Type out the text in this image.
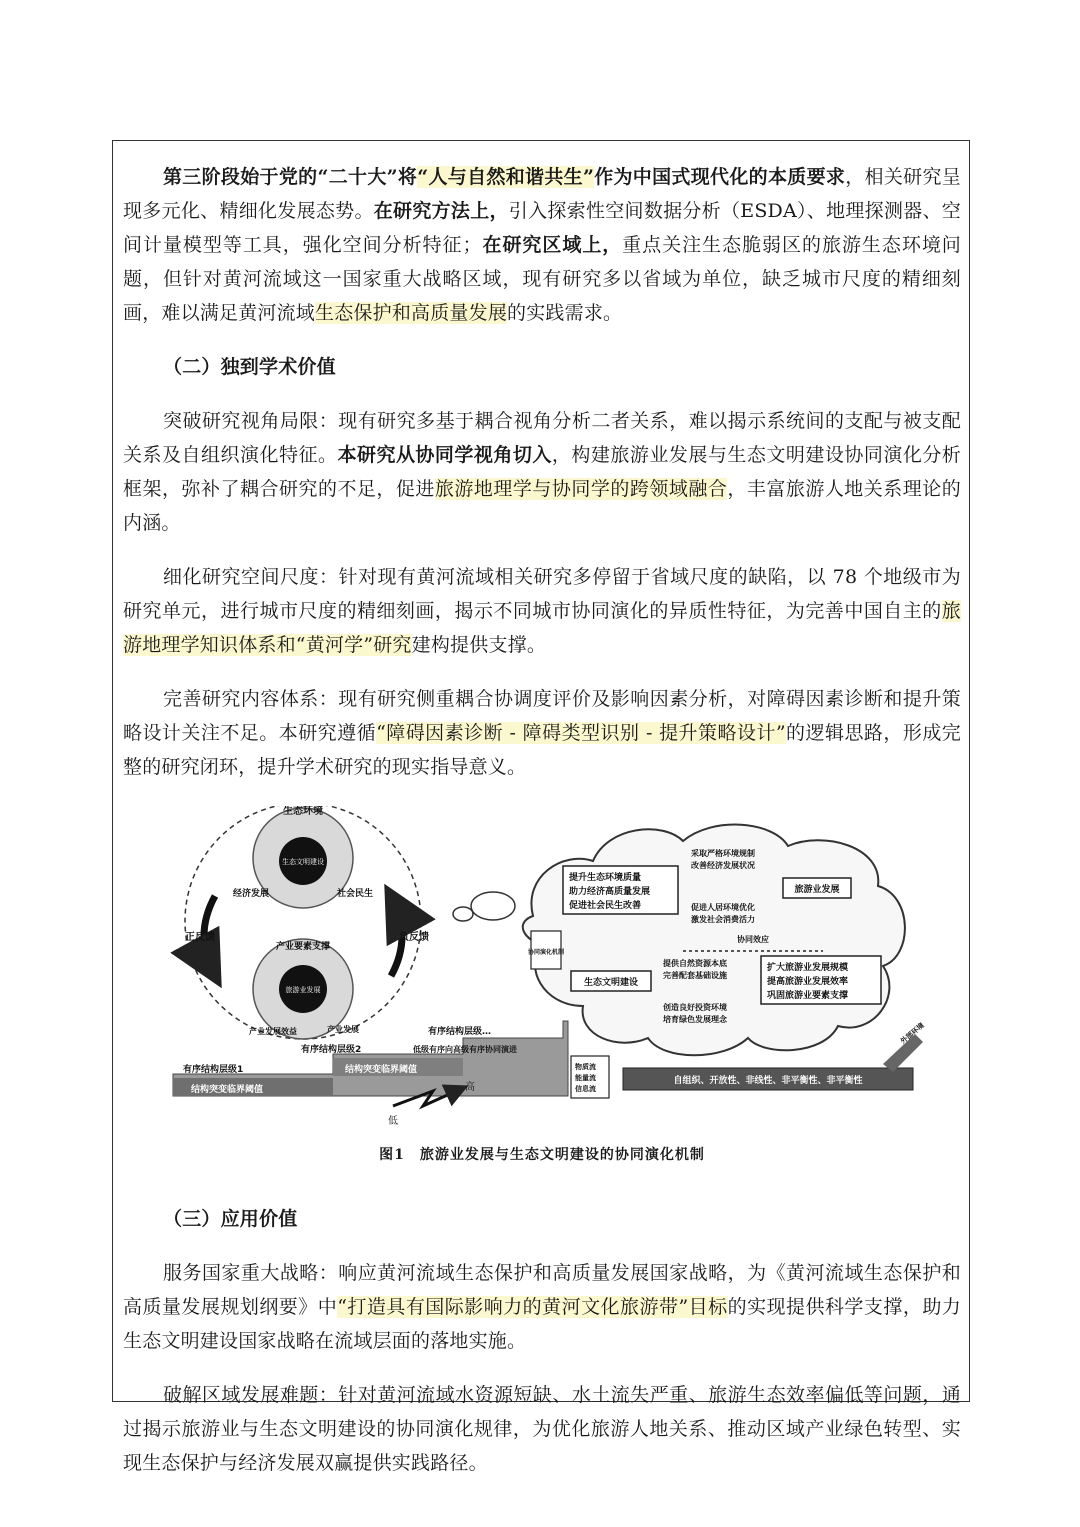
第三阶段始于党的“二十大”将“人与自然和谐共生”作为中国式现代化的本质要求，相关研究呈现多元化、精细化发展态势。在研究方法上，引入探索性空间数据分析（ESDA）、地理探测器、空间计量模型等工具，强化空间分析特征；在研究区域上，重点关注生态脆弱区的旅游生态环境问题，但针对黄河流域这一国家重大战略区域，现有研究多以省域为单位，缺乏城市尺度的精细刻画，难以满足黄河流域生态保护和高质量发展的实践需求。

（二）独到学术价值

突破研究视角局限：现有研究多基于耦合视角分析二者关系，难以揭示系统间的支配与被支配关系及自组织演化特征。本研究从协同学视角切入，构建旅游业发展与生态文明建设协同演化分析框架，弥补了耦合研究的不足，促进旅游地理学与协同学的跨领域融合，丰富旅游人地关系理论的内涵。

细化研究空间尺度：针对现有黄河流域相关研究多停留于省域尺度的缺陷，以 78 个地级市为研究单元，进行城市尺度的精细刻画，揭示不同城市协同演化的异质性特征，为完善中国自主的旅游地理学知识体系和“黄河学”研究建构提供支撑。

完善研究内容体系：现有研究侧重耦合协调度评价及影响因素分析，对障碍因素诊断和提升策略设计关注不足。本研究遵循“障碍因素诊断 - 障碍类型识别 - 提升策略设计”的逻辑思路，形成完整的研究闭环，提升学术研究的现实指导意义。

生态环境
生态文明建设
经济发展	社会民生
产业要素支撑
旅游业发展
产业发展效益	产业发展
正反馈	负反馈
有序结构层级1
有序结构层级2
有序结构层级…
结构突变临界阈值
结构突变临界阈值
低级有序向高级有序协同演进
低
高
提升生态环境质量助力经济高质量发展促进社会民生改善
采取严格环境规制改善经济发展状况
旅游业发展
促进人居环境优化激发社会消费活力
协同效应
协同演化机制
生态文明建设
提供自然资源本底完善配套基础设施
扩大旅游业发展规模提高旅游业发展效率巩固旅游业要素支撑
创造良好投资环境培育绿色发展理念
物质流能量流信息流
自组织、开放性、非线性、非平衡性、非平衡性
外部环境

图1　旅游业发展与生态文明建设的协同演化机制

（三）应用价值

服务国家重大战略：响应黄河流域生态保护和高质量发展国家战略，为《黄河流域生态保护和高质量发展规划纲要》中“打造具有国际影响力的黄河文化旅游带”目标的实现提供科学支撑，助力生态文明建设国家战略在流域层面的落地实施。

破解区域发展难题：针对黄河流域水资源短缺、水土流失严重、旅游生态效率偏低等问题，通过揭示旅游业与生态文明建设的协同演化规律，为优化旅游人地关系、推动区域产业绿色转型、实现生态保护与经济发展双赢提供实践路径。
